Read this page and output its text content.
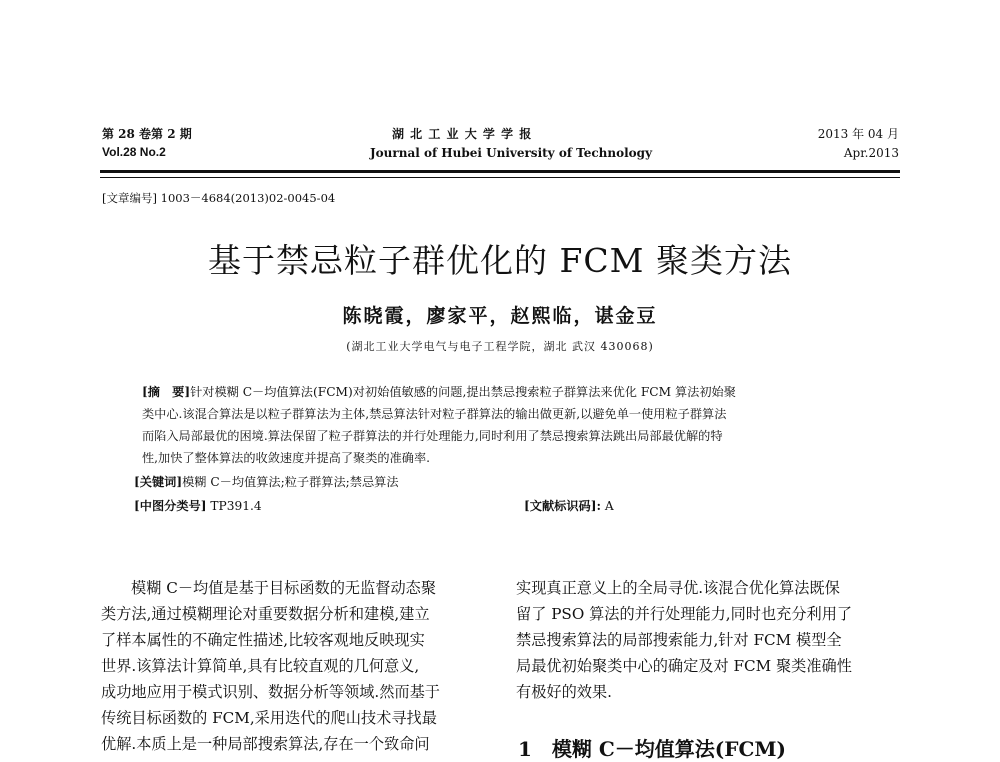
第 28 卷第 2 期
Vol.28 No.2
湖 北 工 业 大 学 学 报
Journal of Hubei University of Technology
2013 年 04 月
Apr.2013
[文章编号] 1003－4684(2013)02-0045-04
基于禁忌粒子群优化的 FCM 聚类方法
陈晓霞，廖家平，赵熙临，谌金豆
(湖北工业大学电气与电子工程学院，湖北 武汉 430068)
[摘　要]针对模糊 C－均值算法(FCM)对初始值敏感的问题,提出禁忌搜索粒子群算法来优化 FCM 算法初始聚
类中心.该混合算法是以粒子群算法为主体,禁忌算法针对粒子群算法的输出做更新,以避免单一使用粒子群算法
而陷入局部最优的困境.算法保留了粒子群算法的并行处理能力,同时利用了禁忌搜索算法跳出局部最优解的特
性,加快了整体算法的收敛速度并提高了聚类的准确率.
[关键词]模糊 C－均值算法;粒子群算法;禁忌算法
[中图分类号] TP391.4	[文献标识码]: A
模糊 C－均值是基于目标函数的无监督动态聚
类方法,通过模糊理论对重要数据分析和建模,建立
了样本属性的不确定性描述,比较客观地反映现实
世界.该算法计算简单,具有比较直观的几何意义,
成功地应用于模式识别、数据分析等领域.然而基于
传统目标函数的 FCM,采用迭代的爬山技术寻找最
优解.本质上是一种局部搜索算法,存在一个致命问
实现真正意义上的全局寻优.该混合优化算法既保
留了 PSO 算法的并行处理能力,同时也充分利用了
禁忌搜索算法的局部搜索能力,针对 FCM 模型全
局最优初始聚类中心的确定及对 FCM 聚类准确性
有极好的效果.
1　模糊 C－均值算法(FCM)
